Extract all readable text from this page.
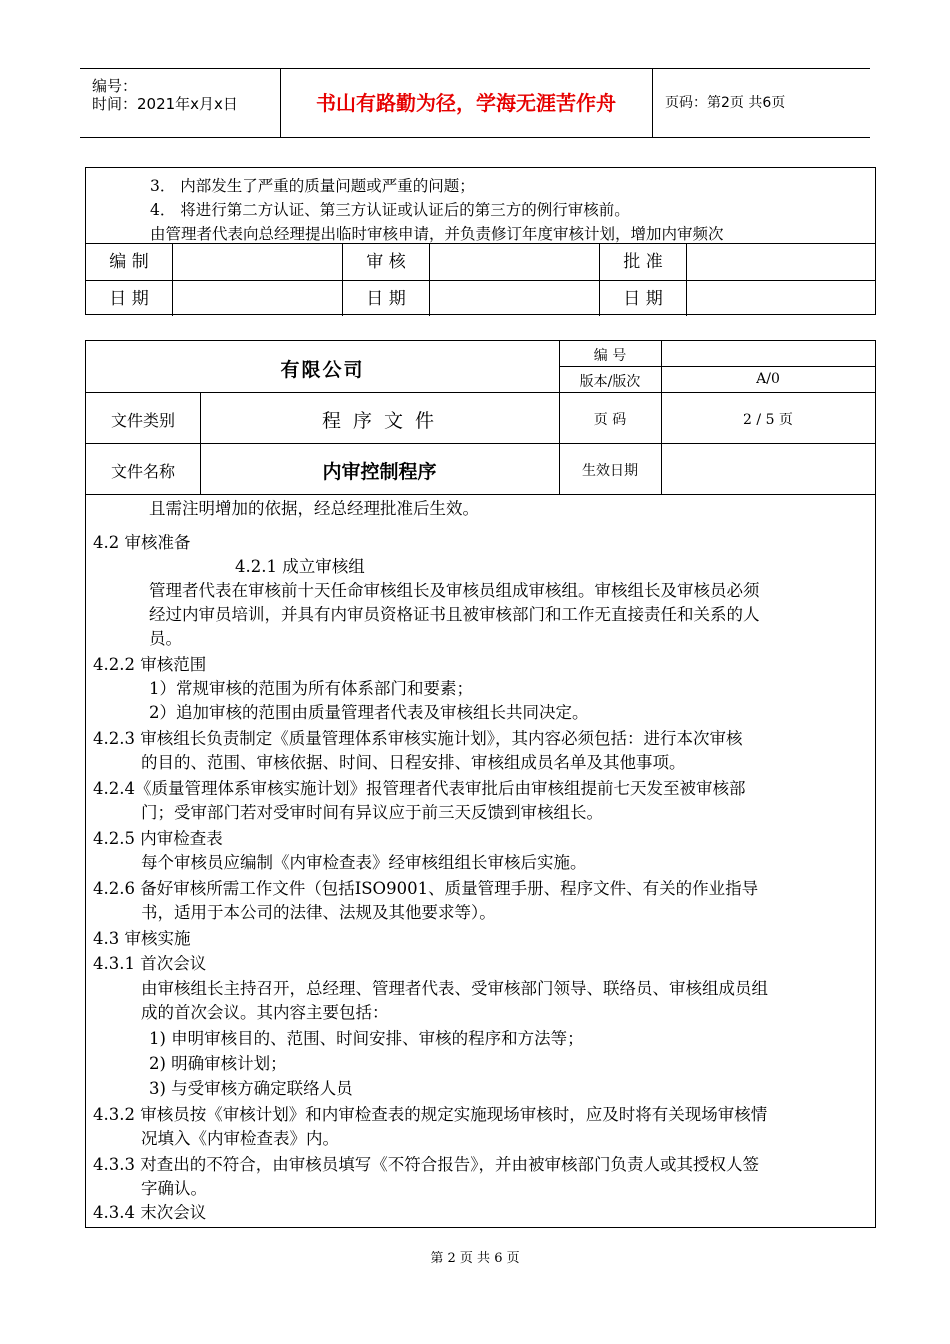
编号：
时间：2021年x月x日	书山有路勤为径，学海无涯苦作舟	页码：第2页 共6页
3． 内部发生了严重的质量问题或严重的问题；
4． 将进行第二方认证、第三方认证或认证后的第三方的例行审核前。
由管理者代表向总经理提出临时审核申请，并负责修订年度审核计划，增加内审频次
编 制	审 核	批 准
日 期	日 期	日 期
有限公司
编 号
版本/版次	A/0
文件类别	程 序 文 件	页 码	2 / 5 页
文件名称	内审控制程序	生效日期
且需注明增加的依据，经总经理批准后生效。
4.2 审核准备
4.2.1 成立审核组
管理者代表在审核前十天任命审核组长及审核员组成审核组。审核组长及审核员必须
经过内审员培训，并具有内审员资格证书且被审核部门和工作无直接责任和关系的人
员。
4.2.2 审核范围
1）常规审核的范围为所有体系部门和要素；
2）追加审核的范围由质量管理者代表及审核组长共同决定。
4.2.3 审核组长负责制定《质量管理体系审核实施计划》，其内容必须包括：进行本次审核
的目的、范围、审核依据、时间、日程安排、审核组成员名单及其他事项。
4.2.4《质量管理体系审核实施计划》报管理者代表审批后由审核组提前七天发至被审核部
门；受审部门若对受审时间有异议应于前三天反馈到审核组长。
4.2.5 内审检查表
每个审核员应编制《内审检查表》经审核组组长审核后实施。
4.2.6 备好审核所需工作文件（包括ISO9001、质量管理手册、程序文件、有关的作业指导
书，适用于本公司的法律、法规及其他要求等）。
4.3 审核实施
4.3.1 首次会议
由审核组长主持召开，总经理、管理者代表、受审核部门领导、联络员、审核组成员组
成的首次会议。其内容主要包括：
1) 申明审核目的、范围、时间安排、审核的程序和方法等；
2) 明确审核计划；
3) 与受审核方确定联络人员
4.3.2 审核员按《审核计划》和内审检查表的规定实施现场审核时，应及时将有关现场审核情
况填入《内审检查表》内。
4.3.3 对查出的不符合，由审核员填写《不符合报告》，并由被审核部门负责人或其授权人签
字确认。
4.3.4 末次会议
第 2 页 共 6 页
